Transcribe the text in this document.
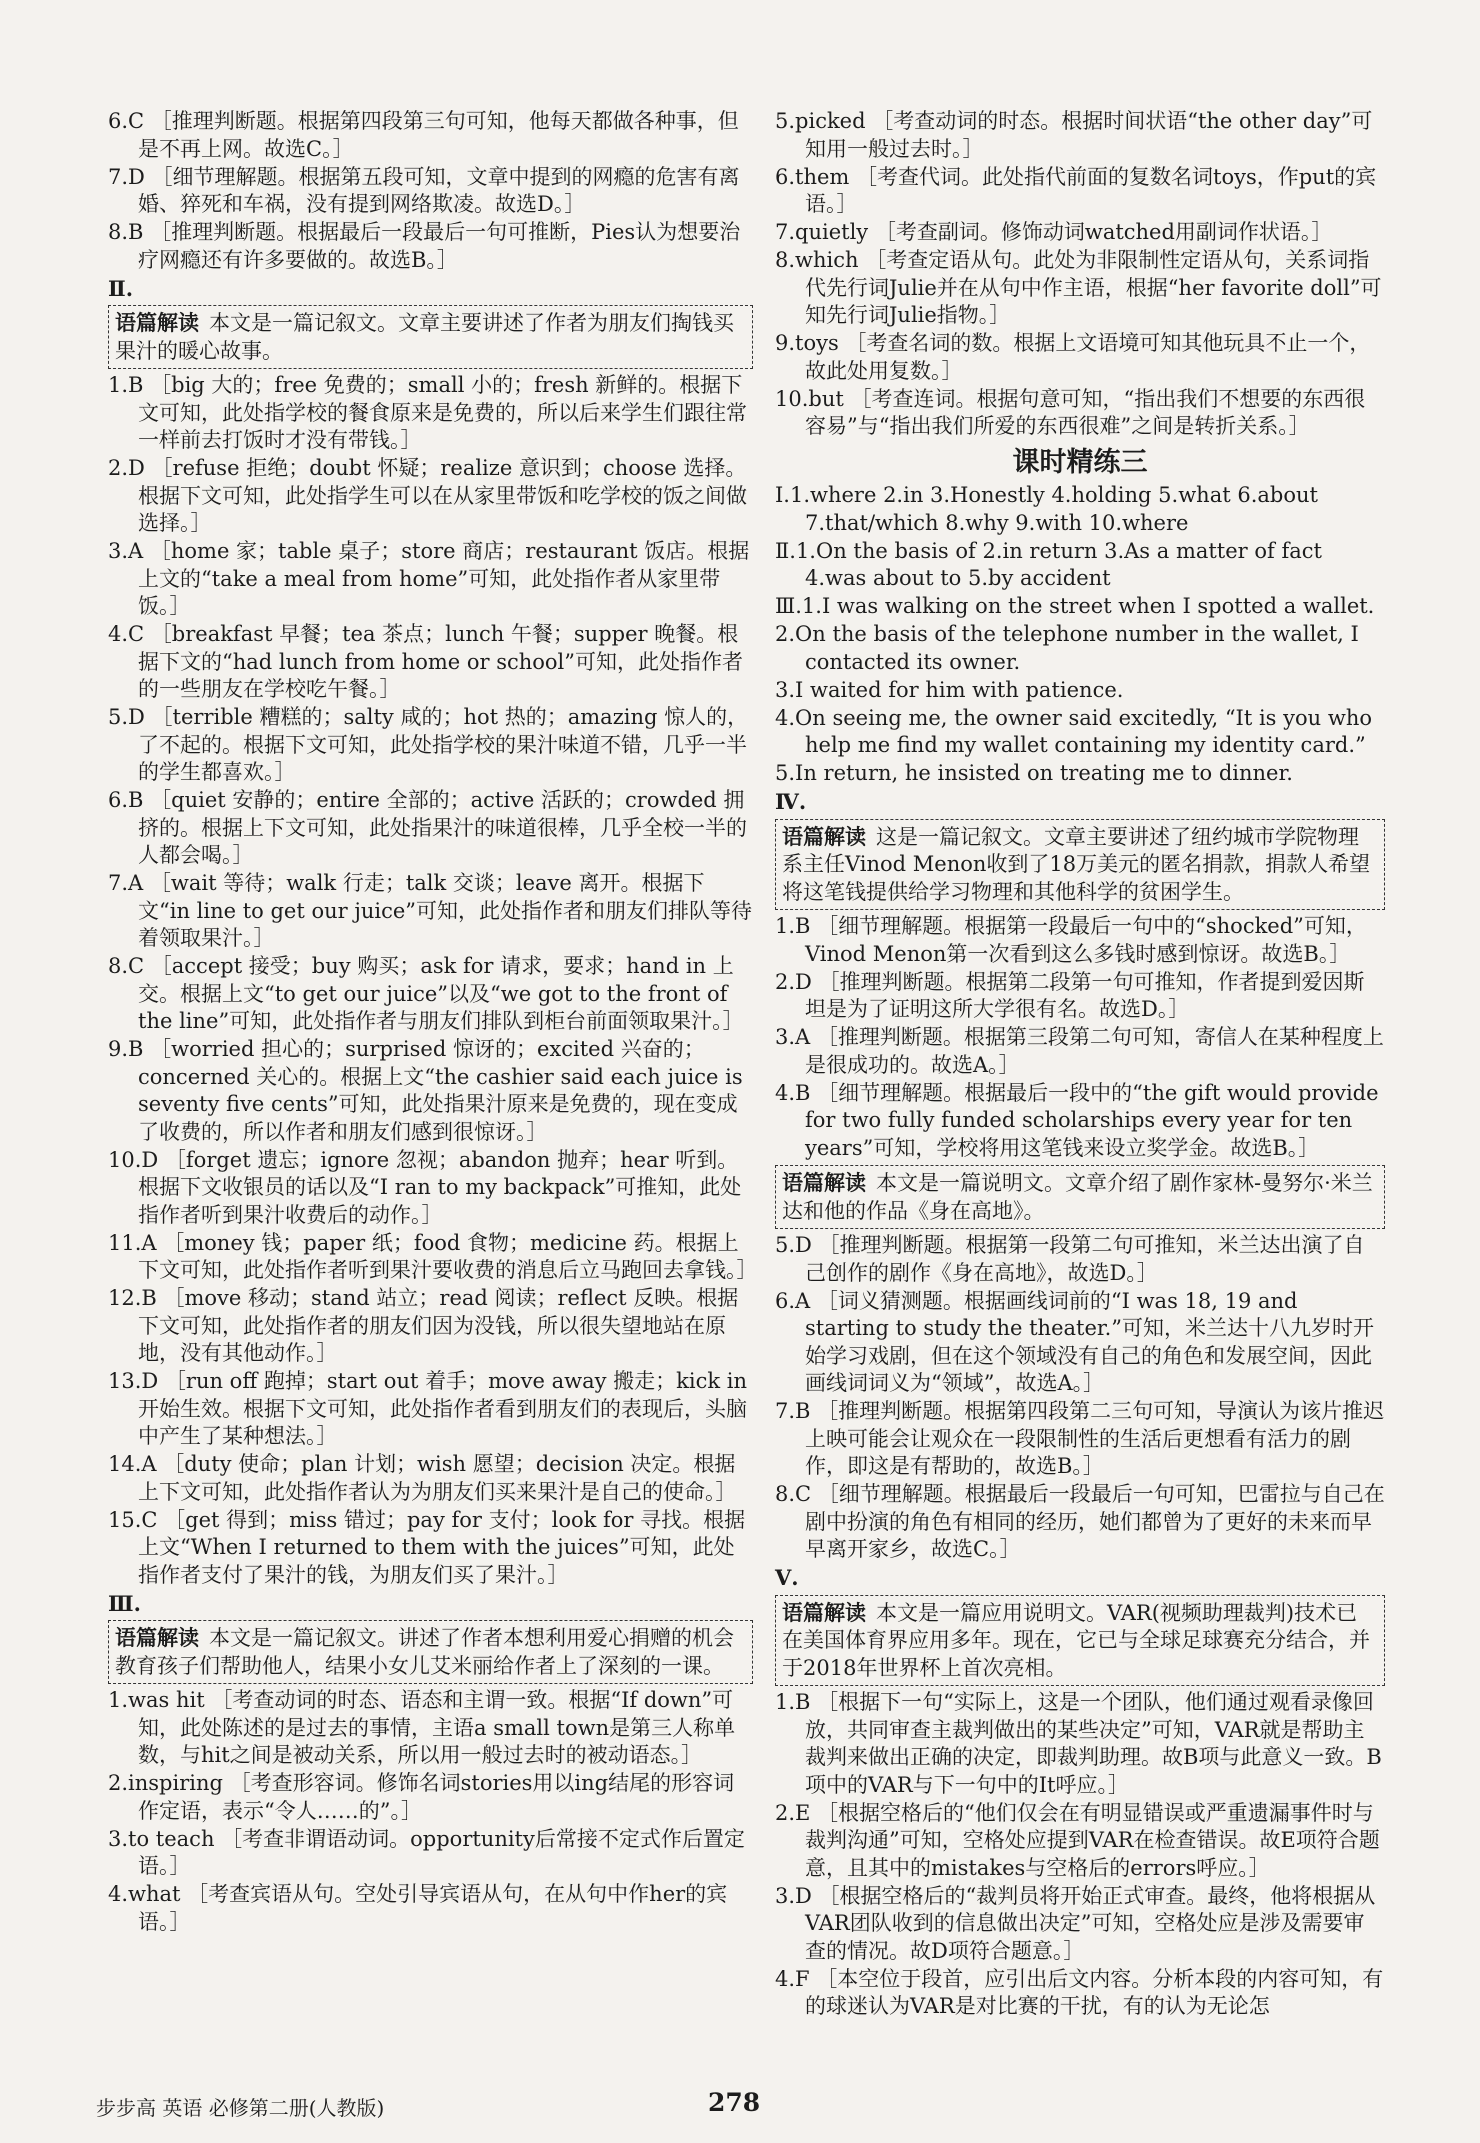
6.C ［推理判断题。根据第四段第三句可知，他每天都做各种事，但是不再上网。故选C。］

7.D ［细节理解题。根据第五段可知，文章中提到的网瘾的危害有离婚、猝死和车祸，没有提到网络欺凌。故选D。］

8.B ［推理判断题。根据最后一段最后一句可推断，Pies认为想要治疗网瘾还有许多要做的。故选B。］

Ⅱ.

语篇解读 本文是一篇记叙文。文章主要讲述了作者为朋友们掏钱买果汁的暖心故事。

1.B ［big 大的；free 免费的；small 小的；fresh 新鲜的。根据下文可知，此处指学校的餐食原来是免费的，所以后来学生们跟往常一样前去打饭时才没有带钱。］

2.D ［refuse 拒绝；doubt 怀疑；realize 意识到；choose 选择。根据下文可知，此处指学生可以在从家里带饭和吃学校的饭之间做选择。］

3.A ［home 家；table 桌子；store 商店；restaurant 饭店。根据上文的“take a meal from home”可知，此处指作者从家里带饭。］

4.C ［breakfast 早餐；tea 茶点；lunch 午餐；supper 晚餐。根据下文的“had lunch from home or school”可知，此处指作者的一些朋友在学校吃午餐。］

5.D ［terrible 糟糕的；salty 咸的；hot 热的；amazing 惊人的，了不起的。根据下文可知，此处指学校的果汁味道不错，几乎一半的学生都喜欢。］

6.B ［quiet 安静的；entire 全部的；active 活跃的；crowded 拥挤的。根据上下文可知，此处指果汁的味道很棒，几乎全校一半的人都会喝。］

7.A ［wait 等待；walk 行走；talk 交谈；leave 离开。根据下文“in line to get our juice”可知，此处指作者和朋友们排队等待着领取果汁。］

8.C ［accept 接受；buy 购买；ask for 请求，要求；hand in 上交。根据上文“to get our juice”以及“we got to the front of the line”可知，此处指作者与朋友们排队到柜台前面领取果汁。］

9.B ［worried 担心的；surprised 惊讶的；excited 兴奋的；concerned 关心的。根据上文“the cashier said each juice is seventy five cents”可知，此处指果汁原来是免费的，现在变成了收费的，所以作者和朋友们感到很惊讶。］

10.D ［forget 遗忘；ignore 忽视；abandon 抛弃；hear 听到。根据下文收银员的话以及“I ran to my backpack”可推知，此处指作者听到果汁收费后的动作。］

11.A ［money 钱；paper 纸；food 食物；medicine 药。根据上下文可知，此处指作者听到果汁要收费的消息后立马跑回去拿钱。］

12.B ［move 移动；stand 站立；read 阅读；reflect 反映。根据下文可知，此处指作者的朋友们因为没钱，所以很失望地站在原地，没有其他动作。］

13.D ［run off 跑掉；start out 着手；move away 搬走；kick in 开始生效。根据下文可知，此处指作者看到朋友们的表现后，头脑中产生了某种想法。］

14.A ［duty 使命；plan 计划；wish 愿望；decision 决定。根据上下文可知，此处指作者认为为朋友们买来果汁是自己的使命。］

15.C ［get 得到；miss 错过；pay for 支付；look for 寻找。根据上文“When I returned to them with the juices”可知，此处指作者支付了果汁的钱，为朋友们买了果汁。］

Ⅲ.

语篇解读 本文是一篇记叙文。讲述了作者本想利用爱心捐赠的机会教育孩子们帮助他人，结果小女儿艾米丽给作者上了深刻的一课。

1.was hit ［考查动词的时态、语态和主谓一致。根据“If down”可知，此处陈述的是过去的事情，主语a small town是第三人称单数，与hit之间是被动关系，所以用一般过去时的被动语态。］

2.inspiring ［考查形容词。修饰名词stories用以ing结尾的形容词作定语，表示“令人……的”。］

3.to teach ［考查非谓语动词。opportunity后常接不定式作后置定语。］

4.what ［考查宾语从句。空处引导宾语从句，在从句中作her的宾语。］

5.picked ［考查动词的时态。根据时间状语“the other day”可知用一般过去时。］

6.them ［考查代词。此处指代前面的复数名词toys，作put的宾语。］

7.quietly ［考查副词。修饰动词watched用副词作状语。］

8.which ［考查定语从句。此处为非限制性定语从句，关系词指代先行词Julie并在从句中作主语，根据“her favorite doll”可知先行词Julie指物。］

9.toys ［考查名词的数。根据上文语境可知其他玩具不止一个，故此处用复数。］

10.but ［考查连词。根据句意可知，“指出我们不想要的东西很容易”与“指出我们所爱的东西很难”之间是转折关系。］

课时精练三

Ⅰ.1.where 2.in 3.Honestly 4.holding 5.what 6.about 7.that/which 8.why 9.with 10.where

Ⅱ.1.On the basis of 2.in return 3.As a matter of fact 4.was about to 5.by accident

Ⅲ.1.I was walking on the street when I spotted a wallet.

2.On the basis of the telephone number in the wallet, I contacted its owner.

3.I waited for him with patience.

4.On seeing me, the owner said excitedly, “It is you who help me find my wallet containing my identity card.”

5.In return, he insisted on treating me to dinner.

Ⅳ.

语篇解读 这是一篇记叙文。文章主要讲述了纽约城市学院物理系主任Vinod Menon收到了18万美元的匿名捐款，捐款人希望将这笔钱提供给学习物理和其他科学的贫困学生。

1.B ［细节理解题。根据第一段最后一句中的“shocked”可知，Vinod Menon第一次看到这么多钱时感到惊讶。故选B。］

2.D ［推理判断题。根据第二段第一句可推知，作者提到爱因斯坦是为了证明这所大学很有名。故选D。］

3.A ［推理判断题。根据第三段第二句可知，寄信人在某种程度上是很成功的。故选A。］

4.B ［细节理解题。根据最后一段中的“the gift would provide for two fully funded scholarships every year for ten years”可知，学校将用这笔钱来设立奖学金。故选B。］

语篇解读 本文是一篇说明文。文章介绍了剧作家林-曼努尔·米兰达和他的作品《身在高地》。

5.D ［推理判断题。根据第一段第二句可推知，米兰达出演了自己创作的剧作《身在高地》，故选D。］

6.A ［词义猜测题。根据画线词前的“I was 18, 19 and starting to study the theater.”可知，米兰达十八九岁时开始学习戏剧，但在这个领域没有自己的角色和发展空间，因此画线词词义为“领域”，故选A。］

7.B ［推理判断题。根据第四段第二三句可知，导演认为该片推迟上映可能会让观众在一段限制性的生活后更想看有活力的剧作，即这是有帮助的，故选B。］

8.C ［细节理解题。根据最后一段最后一句可知，巴雷拉与自己在剧中扮演的角色有相同的经历，她们都曾为了更好的未来而早早离开家乡，故选C。］

Ⅴ.

语篇解读 本文是一篇应用说明文。VAR(视频助理裁判)技术已在美国体育界应用多年。现在，它已与全球足球赛充分结合，并于2018年世界杯上首次亮相。

1.B ［根据下一句“实际上，这是一个团队，他们通过观看录像回放，共同审查主裁判做出的某些决定”可知，VAR就是帮助主裁判来做出正确的决定，即裁判助理。故B项与此意义一致。B项中的VAR与下一句中的It呼应。］

2.E ［根据空格后的“他们仅会在有明显错误或严重遗漏事件时与裁判沟通”可知，空格处应提到VAR在检查错误。故E项符合题意，且其中的mistakes与空格后的errors呼应。］

3.D ［根据空格后的“裁判员将开始正式审查。最终，他将根据从VAR团队收到的信息做出决定”可知，空格处应是涉及需要审查的情况。故D项符合题意。］

4.F ［本空位于段首，应引出后文内容。分析本段的内容可知，有的球迷认为VAR是对比赛的干扰，有的认为无论怎

步步高 英语 必修第二册(人教版)	278
